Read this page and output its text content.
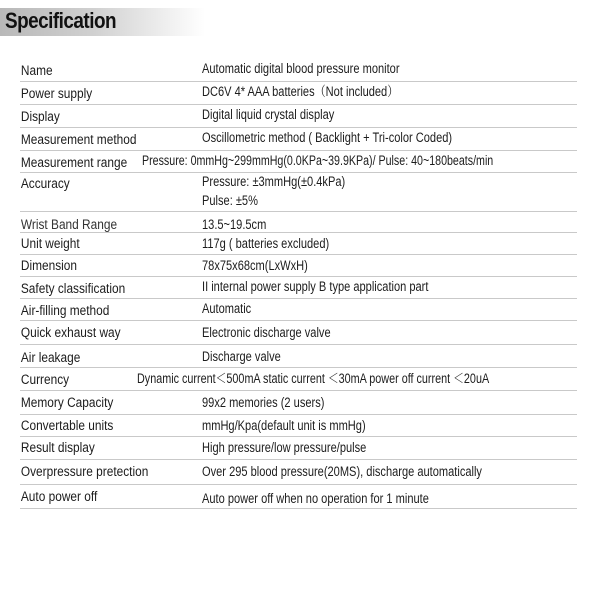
Specification
Name	Automatic digital blood pressure monitor
Power supply	DC6V 4* AAA batteries（Not included）
Display	Digital liquid crystal display
Measurement method	Oscillometric method ( Backlight + Tri-color Coded)
Measurement range Pressure: 0mmHg~299mmHg(0.0KPa~39.9KPa)/ Pulse: 40~180beats/min
Accuracy	Pressure: ±3mmHg(±0.4kPa)
Pulse: ±5%
Wrist Band Range	13.5~19.5cm
Unit weight	117g ( batteries excluded)
Dimension	78x75x68cm(LxWxH)
Safety classification	II internal power supply B type application part
Air-filling method	Automatic
Quick exhaust way	Electronic discharge valve
Air leakage	Discharge valve
Currency	Dynamic current＜500mA static current ＜30mA power off current ＜20uA
Memory Capacity	99x2 memories (2 users)
Convertable units	mmHg/Kpa(default unit is mmHg)
Result display	High pressure/low pressure/pulse
Overpressure pretection	Over 295 blood pressure(20MS), discharge automatically
Auto power off	Auto power off when no operation for 1 minute
